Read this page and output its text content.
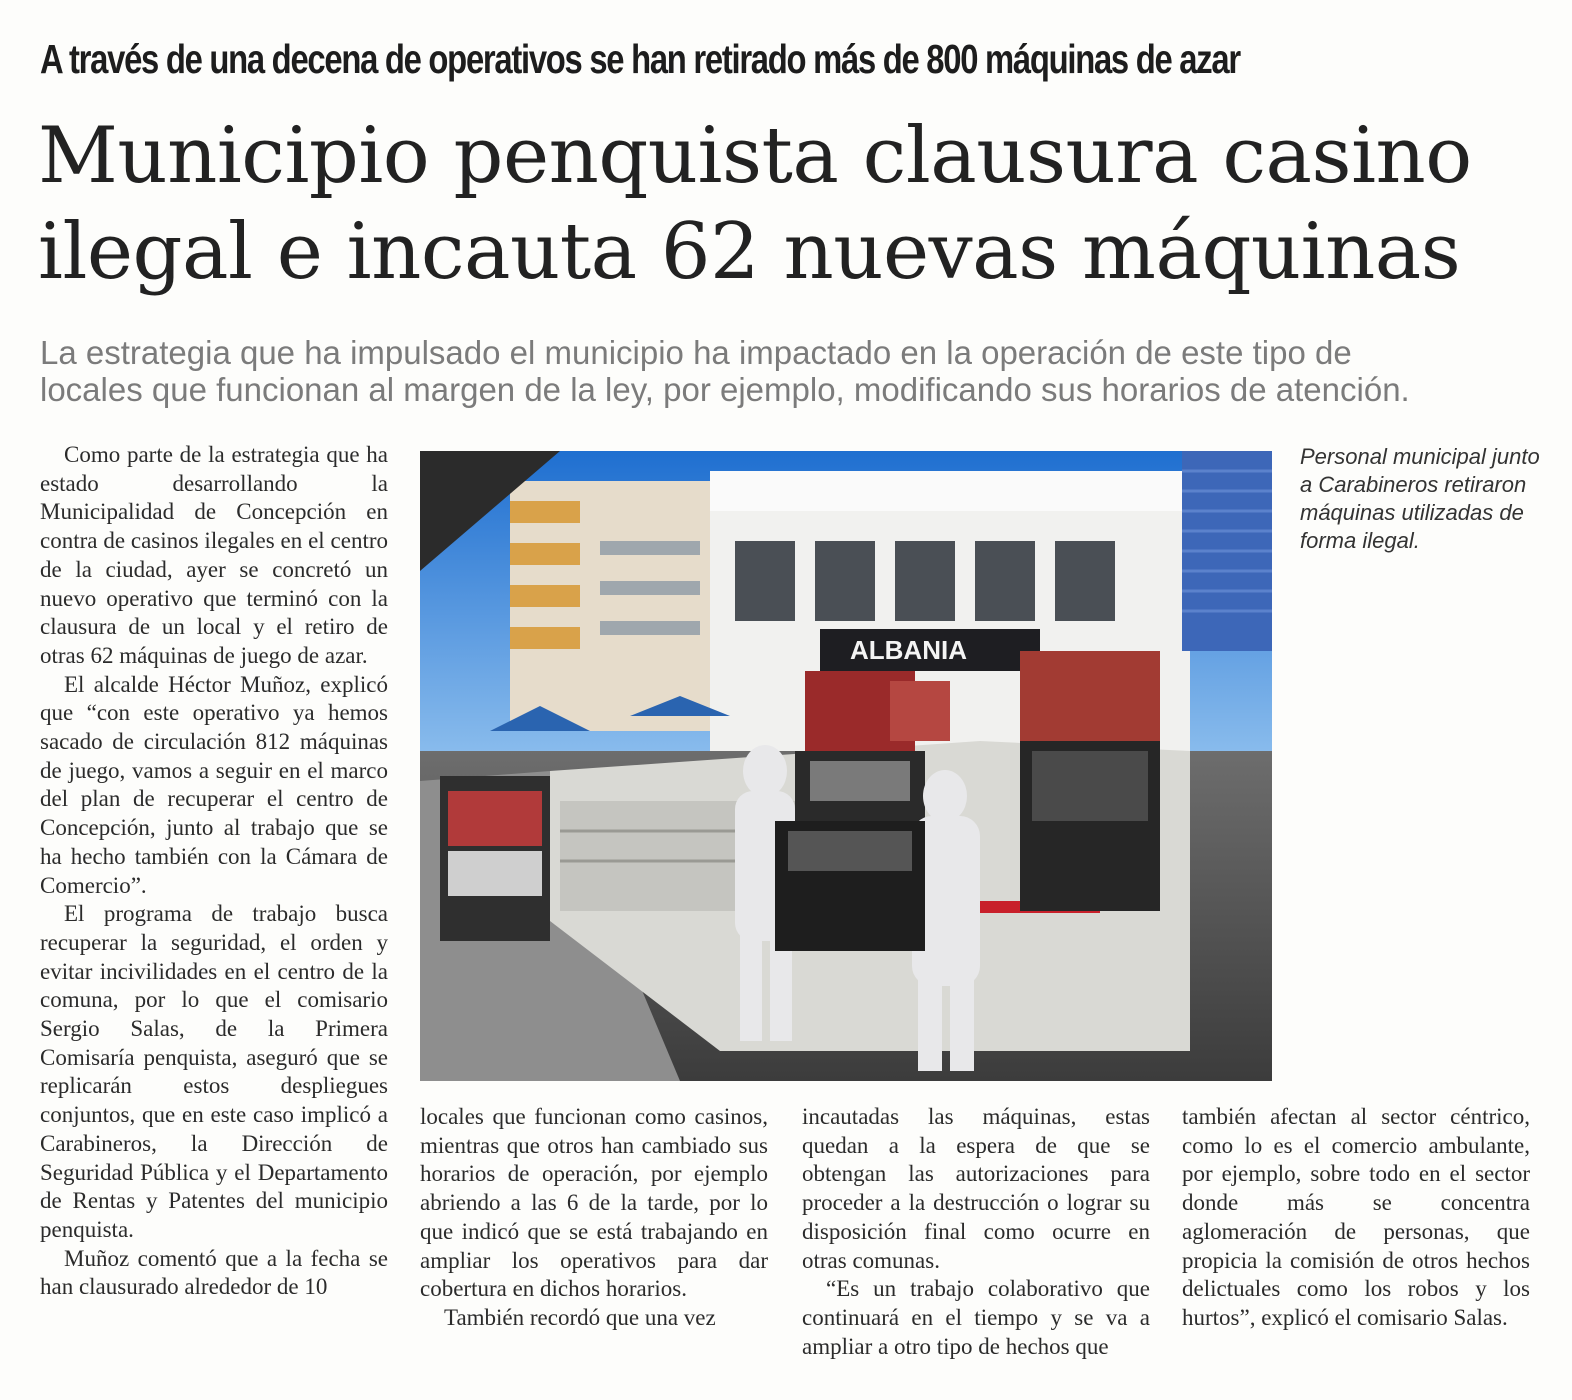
A través de una decena de operativos se han retirado más de 800 máquinas de azar
Municipio penquista clausura casino
ilegal e incauta 62 nuevas máquinas
La estrategia que ha impulsado el municipio ha impactado en la operación de este tipo de
locales que funcionan al margen de la ley, por ejemplo, modificando sus horarios de atención.

Como parte de la estrategia que ha estado desarrollando la Municipalidad de Concepción en contra de casinos ilegales en el centro de la ciudad, ayer se concretó un nuevo operativo que terminó con la clausura de un local y el retiro de otras 62 máquinas de juego de azar.

El alcalde Héctor Muñoz, explicó que “con este operativo ya hemos sacado de circulación 812 máquinas de juego, vamos a seguir en el marco del plan de recuperar el centro de Concepción, junto al trabajo que se ha hecho también con la Cámara de Comercio”.

El programa de trabajo busca recuperar la seguridad, el orden y evitar incivilidades en el centro de la comuna, por lo que el comisario Sergio Salas, de la Primera Comisaría penquista, aseguró que se replicarán estos despliegues conjuntos, que en este caso implicó a Carabineros, la Dirección de Seguridad Pública y el Departamento de Rentas y Patentes del municipio penquista.

Muñoz comentó que a la fecha se han clausurado alrededor de 10

ALBANIA
Personal municipal junto a Carabineros retiraron máquinas utilizadas de forma ilegal.

locales que funcionan como casinos, mientras que otros han cambiado sus horarios de operación, por ejemplo abriendo a las 6 de la tarde, por lo que indicó que se está trabajando en ampliar los operativos para dar cobertura en dichos horarios.

También recordó que una vez

incautadas las máquinas, estas quedan a la espera de que se obtengan las autorizaciones para proceder a la destrucción o lograr su disposición final como ocurre en otras comunas.

“Es un trabajo colaborativo que continuará en el tiempo y se va a ampliar a otro tipo de hechos que

también afectan al sector céntrico, como lo es el comercio ambulante, por ejemplo, sobre todo en el sector donde más se concentra aglomeración de personas, que propicia la comisión de otros hechos delictuales como los robos y los hurtos”, explicó el comisario Salas.
